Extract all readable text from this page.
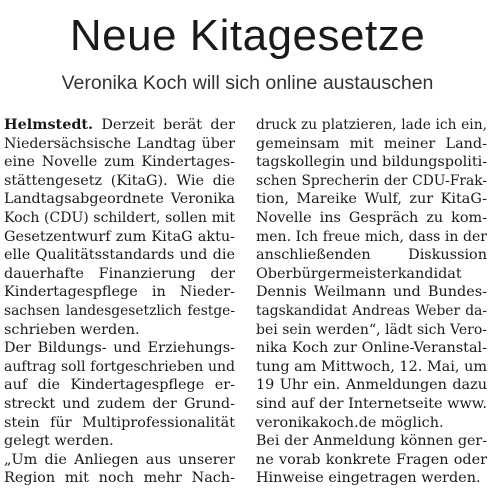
Neue Kitagesetze
Veronika Koch will sich online austauschen
Helmstedt. Derzeit berät der
Niedersächsische Landtag über
eine Novelle zum Kindertages-
stättengesetz (KitaG). Wie die
Landtagsabgeordnete Veronika
Koch (CDU) schildert, sollen mit
Gesetzentwurf zum KitaG aktu-
elle Qualitätsstandards und die
dauerhafte Finanzierung der
Kindertagespflege in Nieder-
sachsen landesgesetzlich festge-
schrieben werden.
Der Bildungs- und Erziehungs-
auftrag soll fortgeschrieben und
auf die Kindertagespflege er-
streckt und zudem der Grund-
stein für Multiprofessionalität
gelegt werden.
„Um die Anliegen aus unserer
Region mit noch mehr Nach-
druck zu platzieren, lade ich ein,
gemeinsam mit meiner Land-
tagskollegin und bildungspoliti-
schen Sprecherin der CDU-Frak-
tion, Mareike Wulf, zur KitaG-
Novelle ins Gespräch zu kom-
men. Ich freue mich, dass in der
anschließenden Diskussion
Oberbürgermeisterkandidat
Dennis Weilmann und Bundes-
tagskandidat Andreas Weber da-
bei sein werden“, lädt sich Vero-
nika Koch zur Online-Veranstal-
tung am Mittwoch, 12. Mai, um
19 Uhr ein. Anmeldungen dazu
sind auf der Internetseite www.
veronikakoch.de möglich.
Bei der Anmeldung können ger-
ne vorab konkrete Fragen oder
Hinweise eingetragen werden.
